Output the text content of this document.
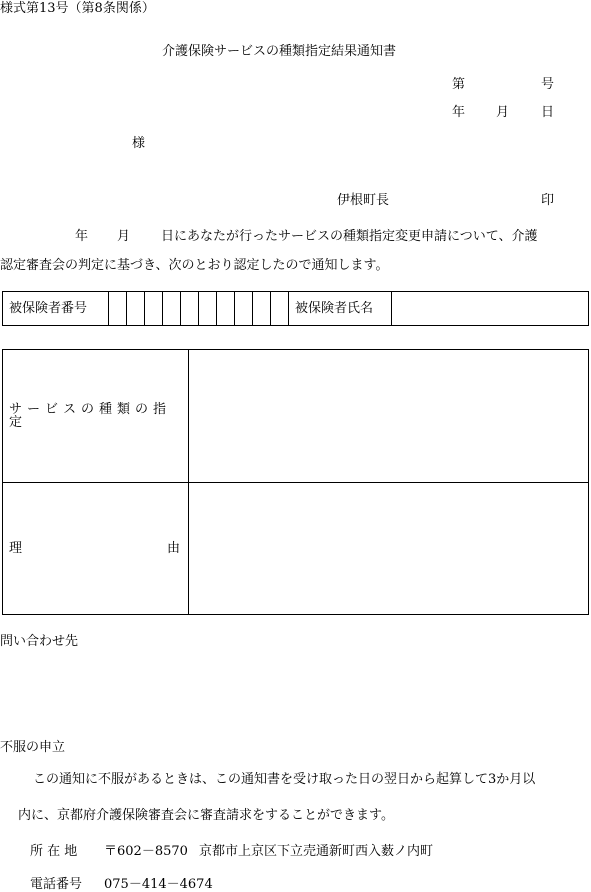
様式第13号（第8条関係）
介護保険サービスの種類指定結果通知書
第	号
年 月 日
様
伊根町長	印
年 月 日にあなたが行ったサービスの種類指定変更申請について、介護
認定審査会の判定に基づき、次のとおり認定したので通知します。
被保険者番号											被保険者氏名	
サービスの種類の指定	

理 由	

問い合わせ先
不服の申立
この通知に不服があるときは、この通知書を受け取った日の翌日から起算して3か月以
内に、京都府介護保険審査会に審査請求をすることができます。
所 在 地 〒602－8570 京都市上京区下立売通新町西入薮ノ内町
電話番号 075－414－4674
